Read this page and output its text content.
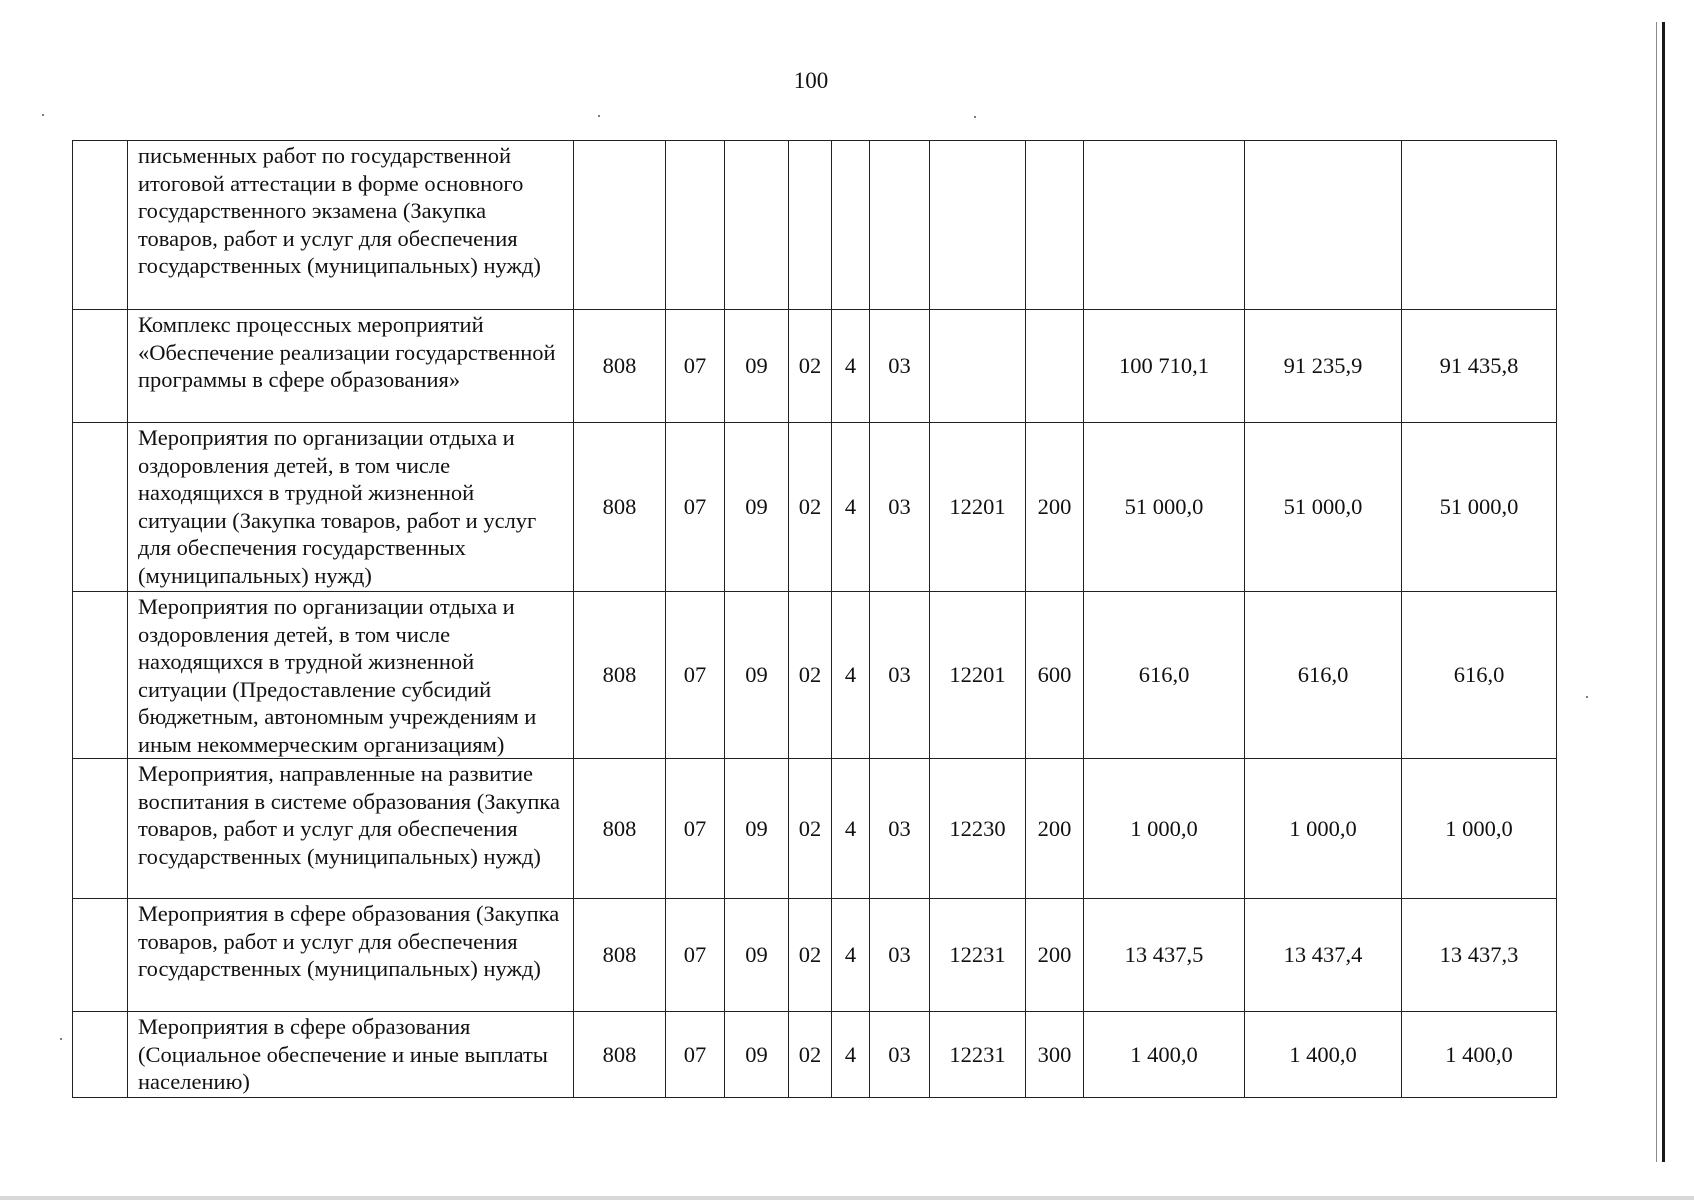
100
	письменных работ по государственной итоговой аттестации в форме основного государственного экзамена (Закупка товаров, работ и услуг для обеспечения государственных (муниципальных) нужд)											
	Комплекс процессных мероприятий «Обеспечение реализации государственной программы в сфере образования»	808	07	09	02	4	03			100 710,1	91 235,9	91 435,8
	Мероприятия по организации отдыха и оздоровления детей, в том числе находящихся в трудной жизненной ситуации (Закупка товаров, работ и услуг для обеспечения государственных (муниципальных) нужд)	808	07	09	02	4	03	12201	200	51 000,0	51 000,0	51 000,0
	Мероприятия по организации отдыха и оздоровления детей, в том числе находящихся в трудной жизненной ситуации (Предоставление субсидий бюджетным, автономным учреждениям и иным некоммерческим организациям)	808	07	09	02	4	03	12201	600	616,0	616,0	616,0
	Мероприятия, направленные на развитие воспитания в системе образования (Закупка товаров, работ и услуг для обеспечения государственных (муниципальных) нужд)	808	07	09	02	4	03	12230	200	1 000,0	1 000,0	1 000,0
	Мероприятия в сфере образования (Закупка товаров, работ и услуг для обеспечения государственных (муниципальных) нужд)	808	07	09	02	4	03	12231	200	13 437,5	13 437,4	13 437,3
	Мероприятия в сфере образования (Социальное обеспечение и иные выплаты населению)	808	07	09	02	4	03	12231	300	1 400,0	1 400,0	1 400,0
